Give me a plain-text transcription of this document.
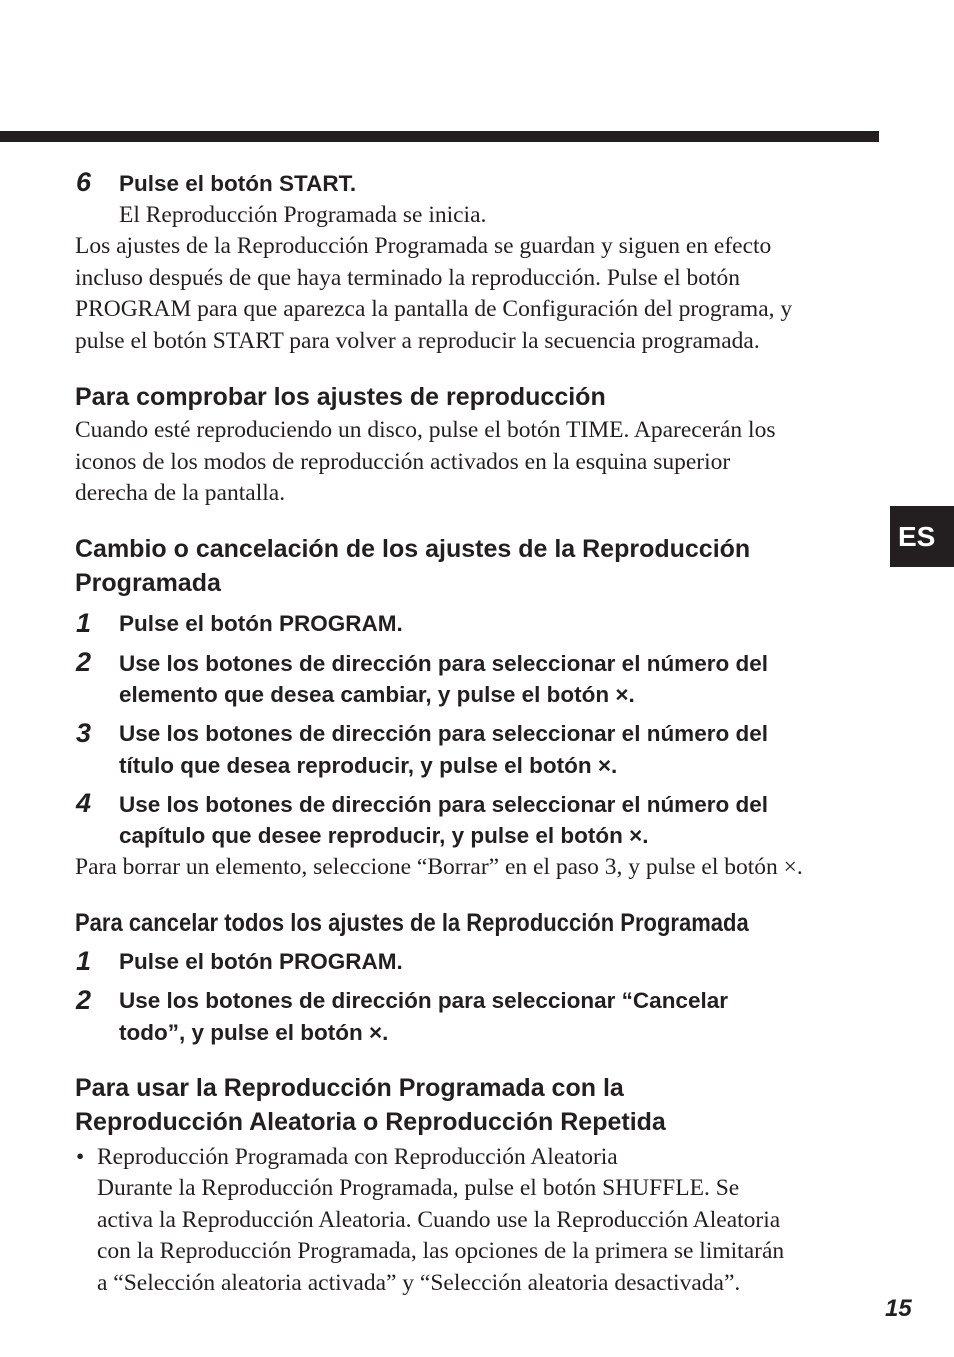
ES
6 Pulse el botón START.
El Reproducción Programada se inicia.
Los ajustes de la Reproducción Programada se guardan y siguen en efecto
incluso después de que haya terminado la reproducción. Pulse el botón
PROGRAM para que aparezca la pantalla de Configuración del programa, y
pulse el botón START para volver a reproducir la secuencia programada.
Para comprobar los ajustes de reproducción
Cuando esté reproduciendo un disco, pulse el botón TIME. Aparecerán los
iconos de los modos de reproducción activados en la esquina superior
derecha de la pantalla.
Cambio o cancelación de los ajustes de la Reproducción
Programada
1 Pulse el botón PROGRAM.
2 Use los botones de dirección para seleccionar el número del
elemento que desea cambiar, y pulse el botón ×.
3 Use los botones de dirección para seleccionar el número del
título que desea reproducir, y pulse el botón ×.
4 Use los botones de dirección para seleccionar el número del
capítulo que desee reproducir, y pulse el botón ×.
Para borrar un elemento, seleccione “Borrar” en el paso 3, y pulse el botón ×.
Para cancelar todos los ajustes de la Reproducción Programada
1 Pulse el botón PROGRAM.
2 Use los botones de dirección para seleccionar “Cancelar
todo”, y pulse el botón ×.
Para usar la Reproducción Programada con la
Reproducción Aleatoria o Reproducción Repetida
• Reproducción Programada con Reproducción Aleatoria
Durante la Reproducción Programada, pulse el botón SHUFFLE. Se
activa la Reproducción Aleatoria. Cuando use la Reproducción Aleatoria
con la Reproducción Programada, las opciones de la primera se limitarán
a “Selección aleatoria activada” y “Selección aleatoria desactivada”.
15
